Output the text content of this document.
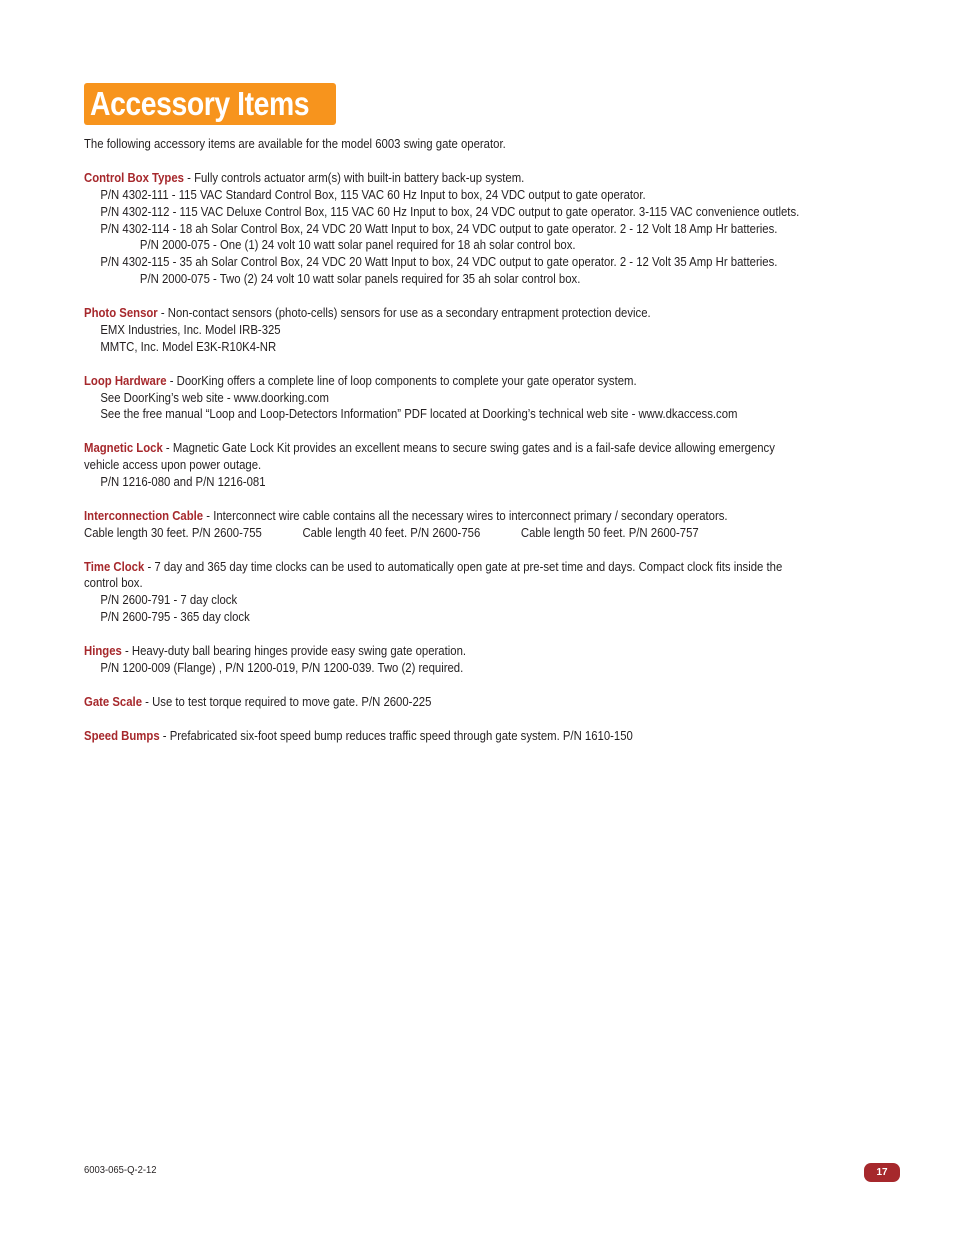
Accessory Items
The following accessory items are available for the model 6003 swing gate operator.
Control Box Types - Fully controls actuator arm(s) with built-in battery back-up system.
P/N 4302-111 - 115 VAC Standard Control Box, 115 VAC 60 Hz Input to box, 24 VDC output to gate operator.
P/N 4302-112 - 115 VAC Deluxe Control Box, 115 VAC 60 Hz Input to box, 24 VDC output to gate operator. 3-115 VAC convenience outlets.
P/N 4302-114 - 18 ah Solar Control Box, 24 VDC 20 Watt Input to box, 24 VDC output to gate operator. 2 - 12 Volt 18 Amp Hr batteries.
P/N 2000-075 - One (1) 24 volt 10 watt solar panel required for 18 ah solar control box.
P/N 4302-115 - 35 ah Solar Control Box, 24 VDC 20 Watt Input to box, 24 VDC output to gate operator. 2 - 12 Volt 35 Amp Hr batteries.
P/N 2000-075 - Two (2) 24 volt 10 watt solar panels required for 35 ah solar control box.
Photo Sensor - Non-contact sensors (photo-cells) sensors for use as a secondary entrapment protection device.
EMX Industries, Inc. Model IRB-325
MMTC, Inc. Model E3K-R10K4-NR
Loop Hardware - DoorKing offers a complete line of loop components to complete your gate operator system.
See DoorKing’s web site - www.doorking.com
See the free manual “Loop and Loop-Detectors Information” PDF located at Doorking’s technical web site - www.dkaccess.com
Magnetic Lock - Magnetic Gate Lock Kit provides an excellent means to secure swing gates and is a fail-safe device allowing emergency
vehicle access upon power outage.
P/N 1216-080 and P/N 1216-081
Interconnection Cable - Interconnect wire cable contains all the necessary wires to interconnect primary / secondary operators.
Cable length 30 feet. P/N 2600-755	Cable length 40 feet. P/N 2600-756	Cable length 50 feet. P/N 2600-757
Time Clock - 7 day and 365 day time clocks can be used to automatically open gate at pre-set time and days. Compact clock fits inside the
control box.
P/N 2600-791 - 7 day clock
P/N 2600-795 - 365 day clock
Hinges - Heavy-duty ball bearing hinges provide easy swing gate operation.
P/N 1200-009 (Flange) , P/N 1200-019, P/N 1200-039. Two (2) required.
Gate Scale - Use to test torque required to move gate. P/N 2600-225
Speed Bumps - Prefabricated six-foot speed bump reduces traffic speed through gate system. P/N 1610-150
6003-065-Q-2-12	17
